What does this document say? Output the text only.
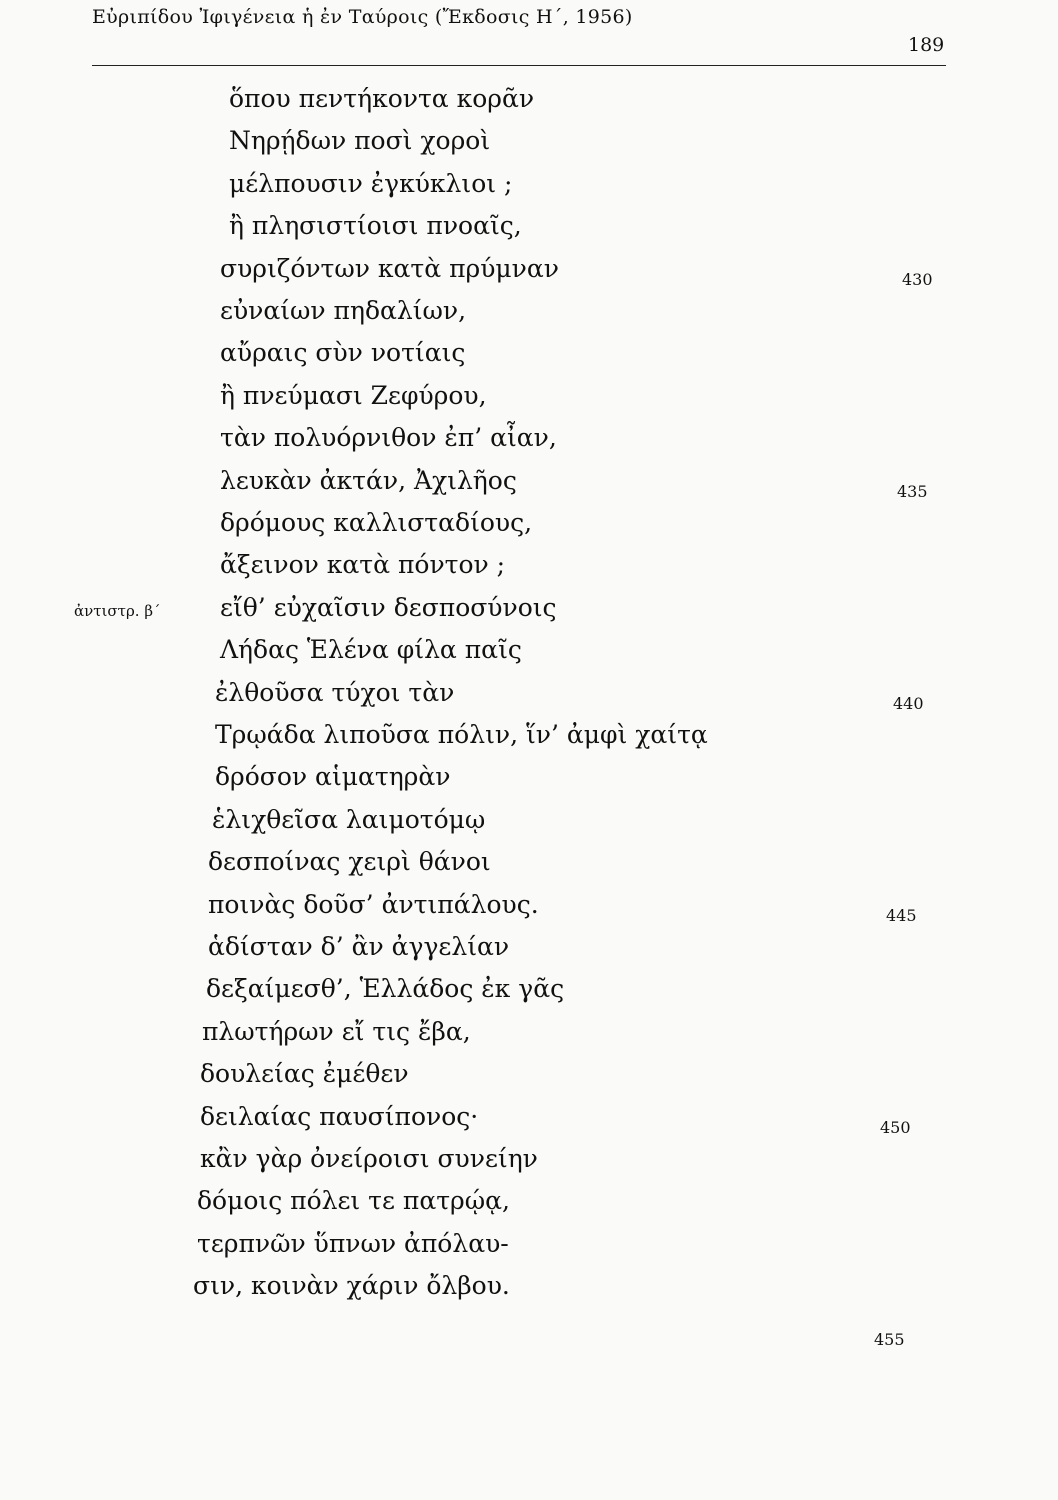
Εὐριπίδου Ἰφιγένεια ἡ ἐν Ταύροις (Ἔκδοσις Η΄, 1956)
189
ἀντιστρ. β΄
ὅπου πεντήκοντα κορᾶν
Νηρῄδων ποσὶ χοροὶ
μέλπουσιν ἐγκύκλιοι ;
ἢ πλησιστίοισι πνοαῖς,
430
συριζόντων κατὰ πρύμναν
εὐναίων πηδαλίων,
αὔραις σὺν νοτίαις
ἢ πνεύμασι Ζεφύρου,
τὰν πολυόρνιθον ἐπ’ αἶαν,
435
λευκὰν ἀκτάν, Ἀχιλῆος
δρόμους καλλισταδίους,
ἄξεινον κατὰ πόντον ;
εἴθ’ εὐχαῖσιν δεσποσύνοις
Λήδας Ἑλένα φίλα παῖς
440
ἐλθοῦσα τύχοι τὰν
Τρῳάδα λιποῦσα πόλιν, ἵν’ ἀμφὶ χαίτᾳ
δρόσον αἱματηρὰν
ἑλιχθεῖσα λαιμοτόμῳ
δεσποίνας χειρὶ θάνοι
445
ποινὰς δοῦσ’ ἀντιπάλους.
ἁδίσταν δ’ ἂν ἀγγελίαν
δεξαίμεσθ’, Ἑλλάδος ἐκ γᾶς
πλωτήρων εἴ τις ἔβα,
δουλείας ἐμέθεν
450
δειλαίας παυσίπονος·
κἂν γὰρ ὀνείροισι συνείην
δόμοις πόλει τε πατρῴᾳ,
τερπνῶν ὕπνων ἀπόλαυ-
σιν, κοινὰν χάριν ὄλβου.
455
